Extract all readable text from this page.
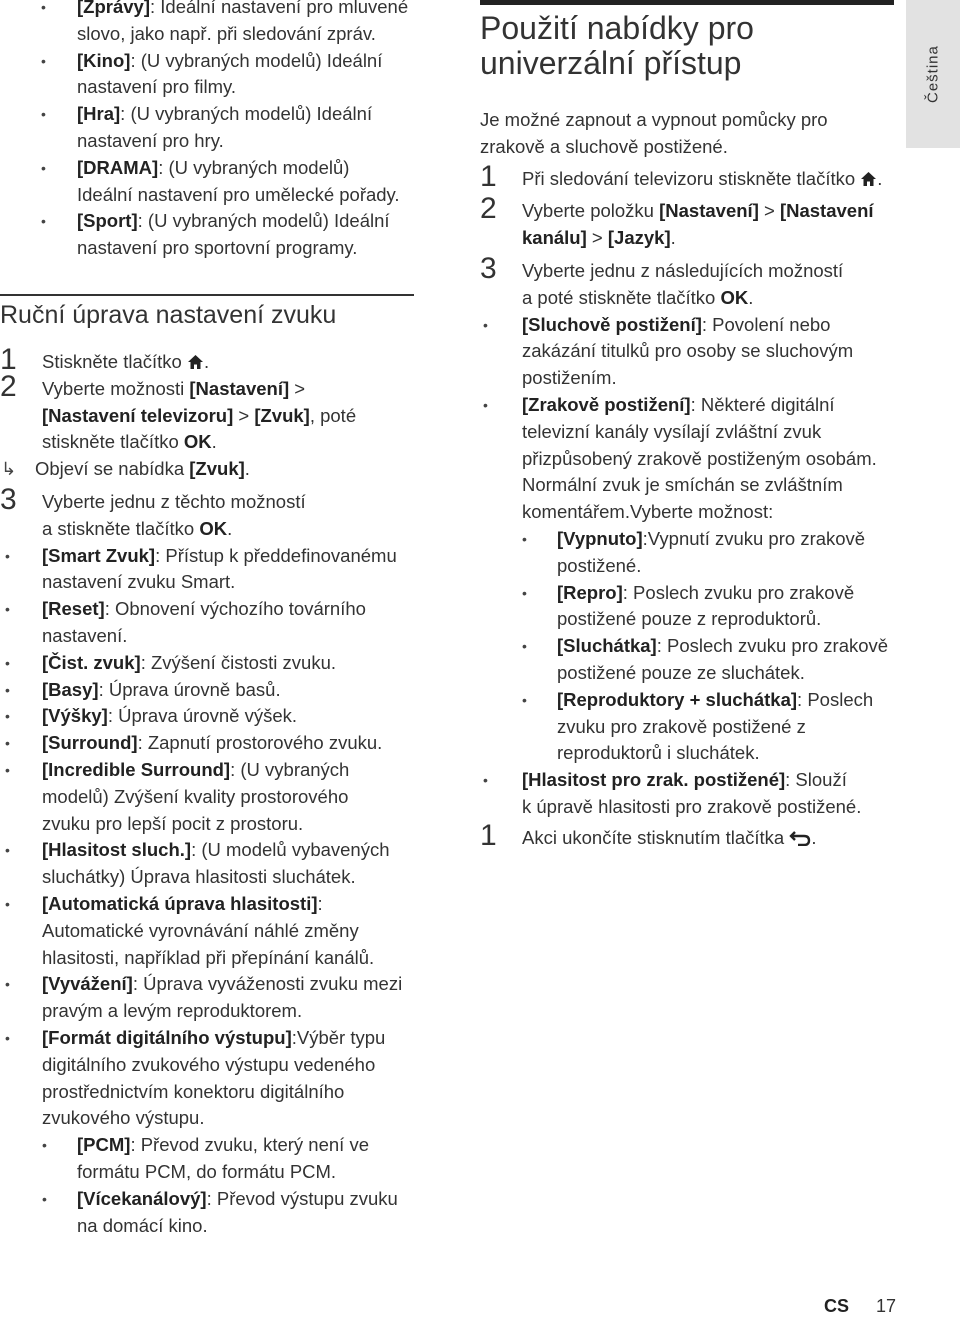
• [Zprávy]: Ideální nastavení pro mluvené
slovo, jako např. při sledování zpráv.
• [Kino]: (U vybraných modelů) Ideální
nastavení pro filmy.
• [Hra]: (U vybraných modelů) Ideální
nastavení pro hry.
• [DRAMA]: (U vybraných modelů)
Ideální nastavení pro umělecké pořady.
• [Sport]: (U vybraných modelů) Ideální
nastavení pro sportovní programy.
Ruční úprava nastavení zvuku
1 Stiskněte tlačítko .
2 Vyberte možnosti [Nastavení] >
[Nastavení televizoru] > [Zvuk], poté
stiskněte tlačítko OK.
↳ Objeví se nabídka [Zvuk].
3 Vyberte jednu z těchto možností
a stiskněte tlačítko OK.
• [Smart Zvuk]: Přístup k předdefinovanému
nastavení zvuku Smart.
• [Reset]: Obnovení výchozího továrního
nastavení.
• [Čist. zvuk]: Zvýšení čistosti zvuku.
• [Basy]: Úprava úrovně basů.
• [Výšky]: Úprava úrovně výšek.
• [Surround]: Zapnutí prostorového zvuku.
• [Incredible Surround]: (U vybraných
modelů) Zvýšení kvality prostorového
zvuku pro lepší pocit z prostoru.
• [Hlasitost sluch.]: (U modelů vybavených
sluchátky) Úprava hlasitosti sluchátek.
• [Automatická úprava hlasitosti]:
Automatické vyrovnávání náhlé změny
hlasitosti, například při přepínání kanálů.
• [Vyvážení]: Úprava vyváženosti zvuku mezi
pravým a levým reproduktorem.
• [Formát digitálního výstupu]:Výběr typu
digitálního zvukového výstupu vedeného
prostřednictvím konektoru digitálního
zvukového výstupu.
• [PCM]: Převod zvuku, který není ve
formátu PCM, do formátu PCM.
• [Vícekanálový]: Převod výstupu zvuku
na domácí kino.
Použití nabídky pro
univerzální přístup
Je možné zapnout a vypnout pomůcky pro
zrakově a sluchově postižené.
1 Při sledování televizoru stiskněte tlačítko .
2 Vyberte položku [Nastavení] > [Nastavení
kanálu] > [Jazyk].
3 Vyberte jednu z následujících možností
a poté stiskněte tlačítko OK.
• [Sluchově postižení]: Povolení nebo
zakázání titulků pro osoby se sluchovým
postižením.
• [Zrakově postižení]: Některé digitální
televizní kanály vysílají zvláštní zvuk
přizpůsobený zrakově postiženým osobám.
Normální zvuk je smíchán se zvláštním
komentářem.Vyberte možnost:
• [Vypnuto]:Vypnutí zvuku pro zrakově
postižené.
• [Repro]: Poslech zvuku pro zrakově
postižené pouze z reproduktorů.
• [Sluchátka]: Poslech zvuku pro zrakově
postižené pouze ze sluchátek.
• [Reproduktory + sluchátka]: Poslech
zvuku pro zrakově postižené z
reproduktorů i sluchátek.
• [Hlasitost pro zrak. postižené]: Slouží
k úpravě hlasitosti pro zrakově postižené.
1 Akci ukončíte stisknutím tlačítka .
Čeština
CS 17
